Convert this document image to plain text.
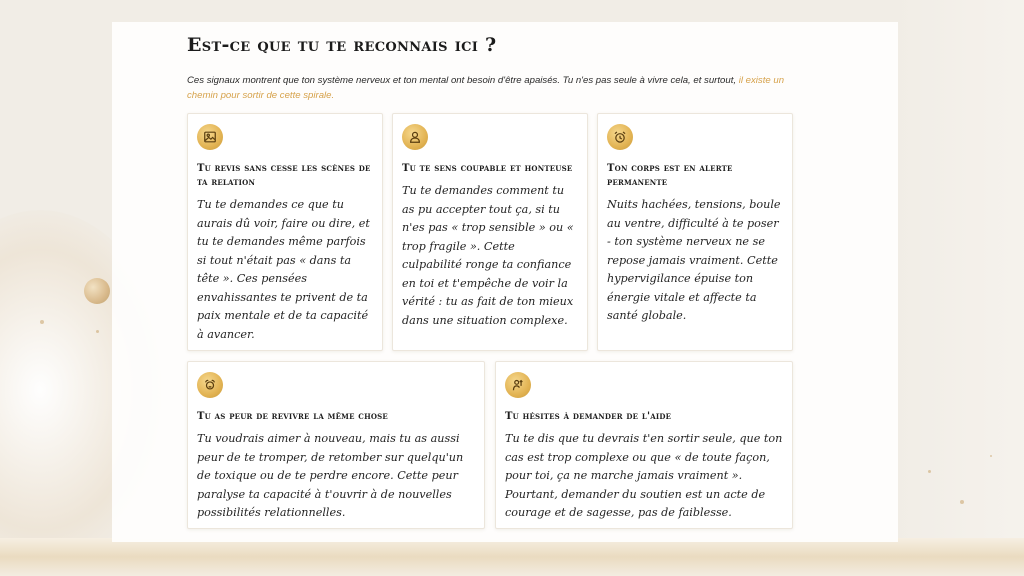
Est-ce que tu te reconnais ici ?

Ces signaux montrent que ton système nerveux et ton mental ont besoin d'être apaisés. Tu n'es pas seule à vivre cela, et surtout, il existe un chemin pour sortir de cette spirale.

Tu revis sans cesse les scènes de ta relation

Tu te demandes ce que tu aurais dû voir, faire ou dire, et tu te demandes même parfois si tout n'était pas « dans ta tête ». Ces pensées envahissantes te privent de ta paix mentale et de ta capacité à avancer.

Tu te sens coupable et honteuse

Tu te demandes comment tu as pu accepter tout ça, si tu n'es pas « trop sensible » ou « trop fragile ». Cette culpabilité ronge ta confiance en toi et t'empêche de voir la vérité : tu as fait de ton mieux dans une situation complexe.

Ton corps est en alerte permanente

Nuits hachées, tensions, boule au ventre, difficulté à te poser - ton système nerveux ne se repose jamais vraiment. Cette hypervigilance épuise ton énergie vitale et affecte ta santé globale.

Tu as peur de revivre la même chose

Tu voudrais aimer à nouveau, mais tu as aussi peur de te tromper, de retomber sur quelqu'un de toxique ou de te perdre encore. Cette peur paralyse ta capacité à t'ouvrir à de nouvelles possibilités relationnelles.

Tu hésites à demander de l'aide

Tu te dis que tu devrais t'en sortir seule, que ton cas est trop complexe ou que « de toute façon, pour toi, ça ne marche jamais vraiment ». Pourtant, demander du soutien est un acte de courage et de sagesse, pas de faiblesse.
